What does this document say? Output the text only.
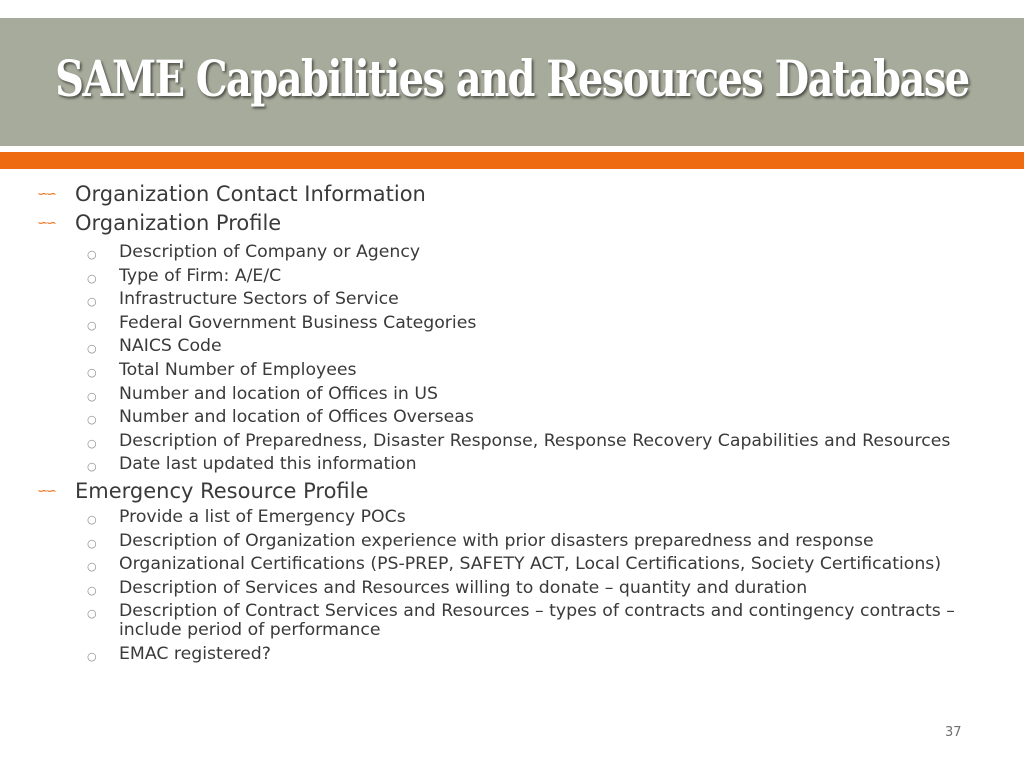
SAME Capabilities and Resources Database
∽∽ Organization Contact Information
∽∽ Organization Profile
○ Description of Company or Agency
○ Type of Firm: A/E/C
○ Infrastructure Sectors of Service
○ Federal Government Business Categories
○ NAICS Code
○ Total Number of Employees
○ Number and location of Offices in US
○ Number and location of Offices Overseas
○ Description of Preparedness, Disaster Response, Response Recovery Capabilities and Resources
○ Date last updated this information
∽∽ Emergency Resource Profile
○ Provide a list of Emergency POCs
○ Description of Organization experience with prior disasters preparedness and response
○ Organizational Certifications (PS-PREP, SAFETY ACT, Local Certifications, Society Certifications)
○ Description of Services and Resources willing to donate – quantity and duration
○ Description of Contract Services and Resources – types of contracts and contingency contracts – include period of performance
○ EMAC registered?
37
